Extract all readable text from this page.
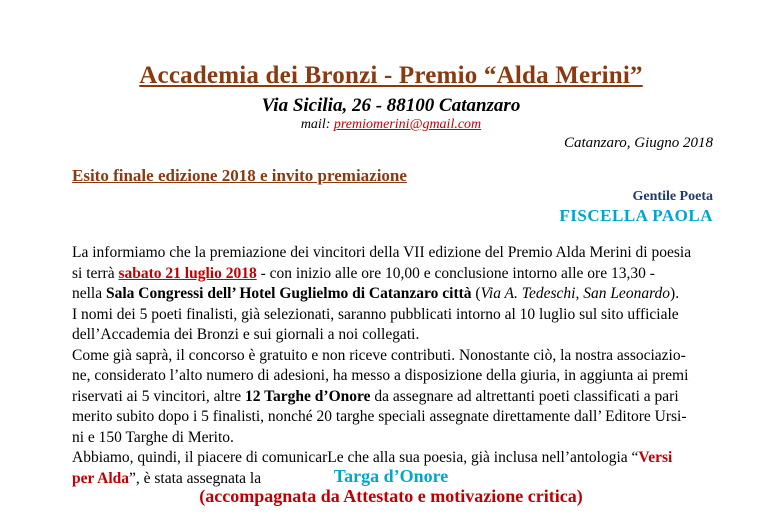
Accademia dei Bronzi - Premio “Alda Merini”
Via Sicilia, 26 - 88100 Catanzaro
mail: premiomerini@gmail.com
Catanzaro, Giugno 2018
Esito finale edizione 2018 e invito premiazione
Gentile Poeta
FISCELLA PAOLA
La informiamo che la premiazione dei vincitori della VII edizione del Premio Alda Merini di poesia
si terrà sabato 21 luglio 2018 - con inizio alle ore 10,00 e conclusione intorno alle ore 13,30 -
nella Sala Congressi dell’ Hotel Guglielmo di Catanzaro città ( Via A. Tedeschi, San Leonardo ).
I nomi dei 5 poeti finalisti, già selezionati, saranno pubblicati intorno al 10 luglio sul sito ufficiale
dell’Accademia dei Bronzi e sui giornali a noi collegati.
Come già saprà, il concorso è gratuito e non riceve contributi. Nonostante ciò, la nostra associazio-
ne, considerato l’alto numero di adesioni, ha messo a disposizione della giuria, in aggiunta ai premi
riservati ai 5 vincitori, altre 12 Targhe d’Onore da assegnare ad altrettanti poeti classificati a pari
merito subito dopo i 5 finalisti, nonché 20 targhe speciali assegnate direttamente dall’ Editore Ursi-
ni e 150 Targhe di Merito.
Abbiamo, quindi, il piacere di comunicarLe che alla sua poesia, già inclusa nell’antologia “Versi
per Alda ”, è stata assegnata la	Targa d’Onore
(accompagnata da Attestato e motivazione critica)
